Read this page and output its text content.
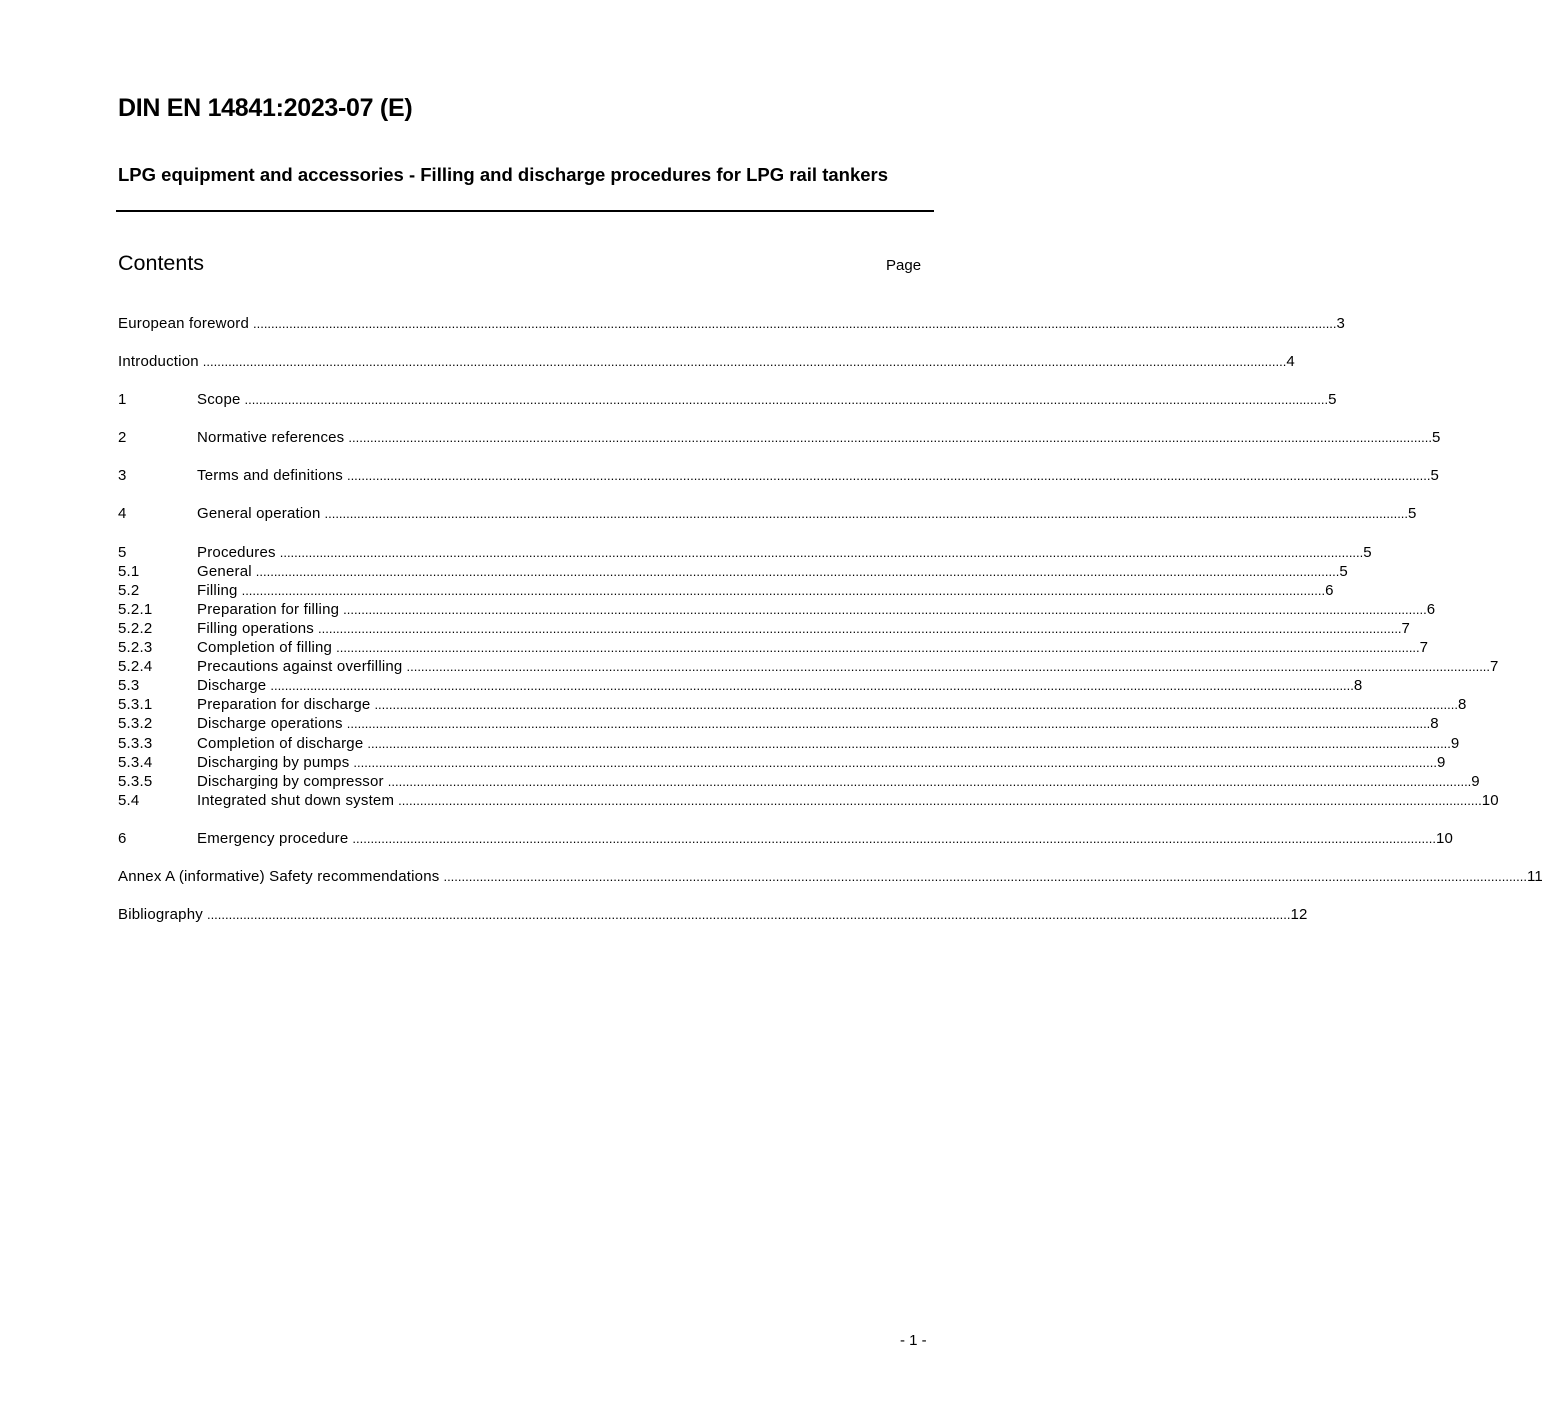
DIN EN 14841:2023-07 (E)
LPG equipment and accessories - Filling and discharge procedures for LPG rail tankers
Contents	Page
European foreword ............................................................................................................................................................................................................................................................................................................ 3
Introduction ............................................................................................................................................................................................................................................................................................................ 4
1	Scope ............................................................................................................................................................................................................................................................................................................ 5
2	Normative references ............................................................................................................................................................................................................................................................................................................ 5
3	Terms and definitions ............................................................................................................................................................................................................................................................................................................ 5
4	General operation ............................................................................................................................................................................................................................................................................................................ 5
5	Procedures ............................................................................................................................................................................................................................................................................................................ 5
5.1	General ............................................................................................................................................................................................................................................................................................................ 5
5.2	Filling ............................................................................................................................................................................................................................................................................................................ 6
5.2.1	Preparation for filling ............................................................................................................................................................................................................................................................................................................ 6
5.2.2	Filling operations ............................................................................................................................................................................................................................................................................................................ 7
5.2.3	Completion of filling ............................................................................................................................................................................................................................................................................................................ 7
5.2.4	Precautions against overfilling ............................................................................................................................................................................................................................................................................................................ 7
5.3	Discharge ............................................................................................................................................................................................................................................................................................................ 8
5.3.1	Preparation for discharge ............................................................................................................................................................................................................................................................................................................ 8
5.3.2	Discharge operations ............................................................................................................................................................................................................................................................................................................ 8
5.3.3	Completion of discharge ............................................................................................................................................................................................................................................................................................................ 9
5.3.4	Discharging by pumps ............................................................................................................................................................................................................................................................................................................ 9
5.3.5	Discharging by compressor ............................................................................................................................................................................................................................................................................................................ 9
5.4	Integrated shut down system ............................................................................................................................................................................................................................................................................................................ 10
6	Emergency procedure ............................................................................................................................................................................................................................................................................................................ 10
Annex A (informative) Safety recommendations ............................................................................................................................................................................................................................................................................................................ 11
Bibliography ............................................................................................................................................................................................................................................................................................................ 12
- 1 -
